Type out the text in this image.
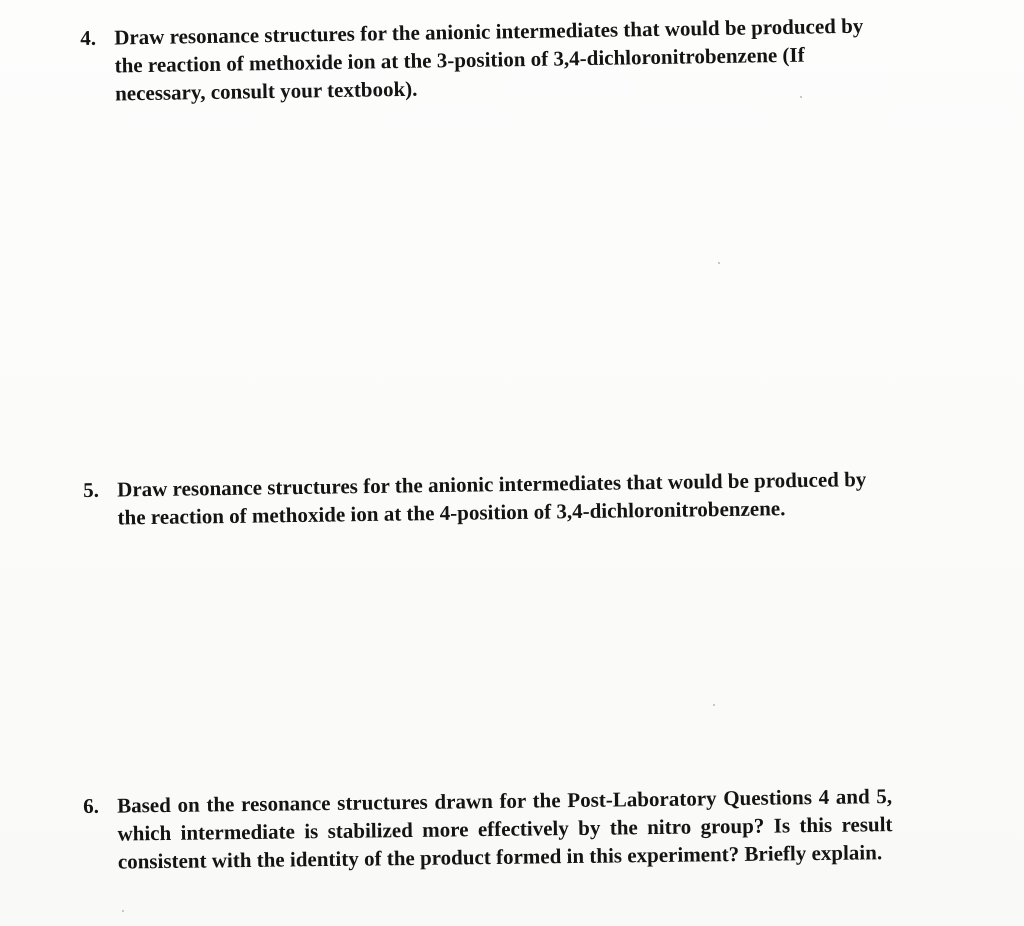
4. Draw resonance structures for the anionic intermediates that would be produced by the reaction of methoxide ion at the 3-position of 3,4-dichloronitrobenzene (If necessary, consult your textbook).
5. Draw resonance structures for the anionic intermediates that would be produced by the reaction of methoxide ion at the 4-position of 3,4-dichloronitrobenzene.
6. Based on the resonance structures drawn for the Post-Laboratory Questions 4 and 5, which intermediate is stabilized more effectively by the nitro group? Is this result consistent with the identity of the product formed in this experiment? Briefly explain.
